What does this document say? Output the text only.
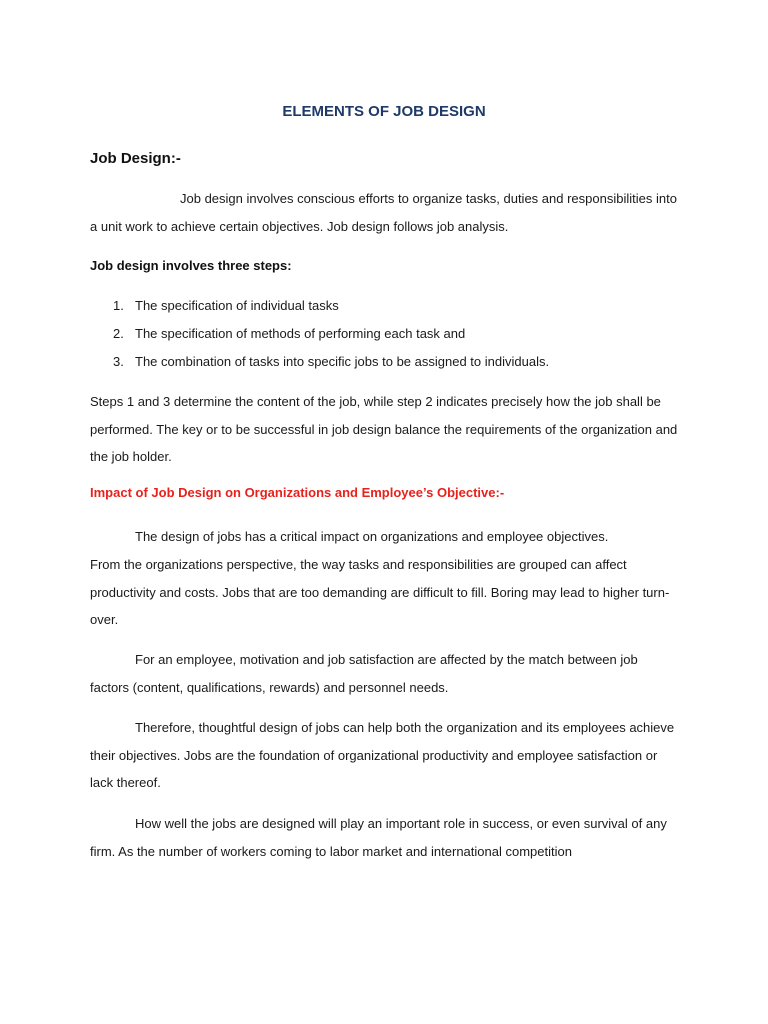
ELEMENTS OF JOB DESIGN
Job Design:-

Job design involves conscious efforts to organize tasks, duties and responsibilities into a unit work to achieve certain objectives. Job design follows job analysis.

Job design involves three steps:
1. The specification of individual tasks
2. The specification of methods of performing each task and
3. The combination of tasks into specific jobs to be assigned to individuals.

Steps 1 and 3 determine the content of the job, while step 2 indicates precisely how the job shall be performed. The key or to be successful in job design balance the requirements of the organization and the job holder.

Impact of Job Design on Organizations and Employee’s Objective:-

The design of jobs has a critical impact on organizations and employee objectives.

From the organizations perspective, the way tasks and responsibilities are grouped can affect productivity and costs. Jobs that are too demanding are difficult to fill. Boring may lead to higher turn-over.

For an employee, motivation and job satisfaction are affected by the match between job factors (content, qualifications, rewards) and personnel needs.

Therefore, thoughtful design of jobs can help both the organization and its employees achieve their objectives. Jobs are the foundation of organizational productivity and employee satisfaction or lack thereof.

How well the jobs are designed will play an important role in success, or even survival of any firm. As the number of workers coming to labor market and international competition
